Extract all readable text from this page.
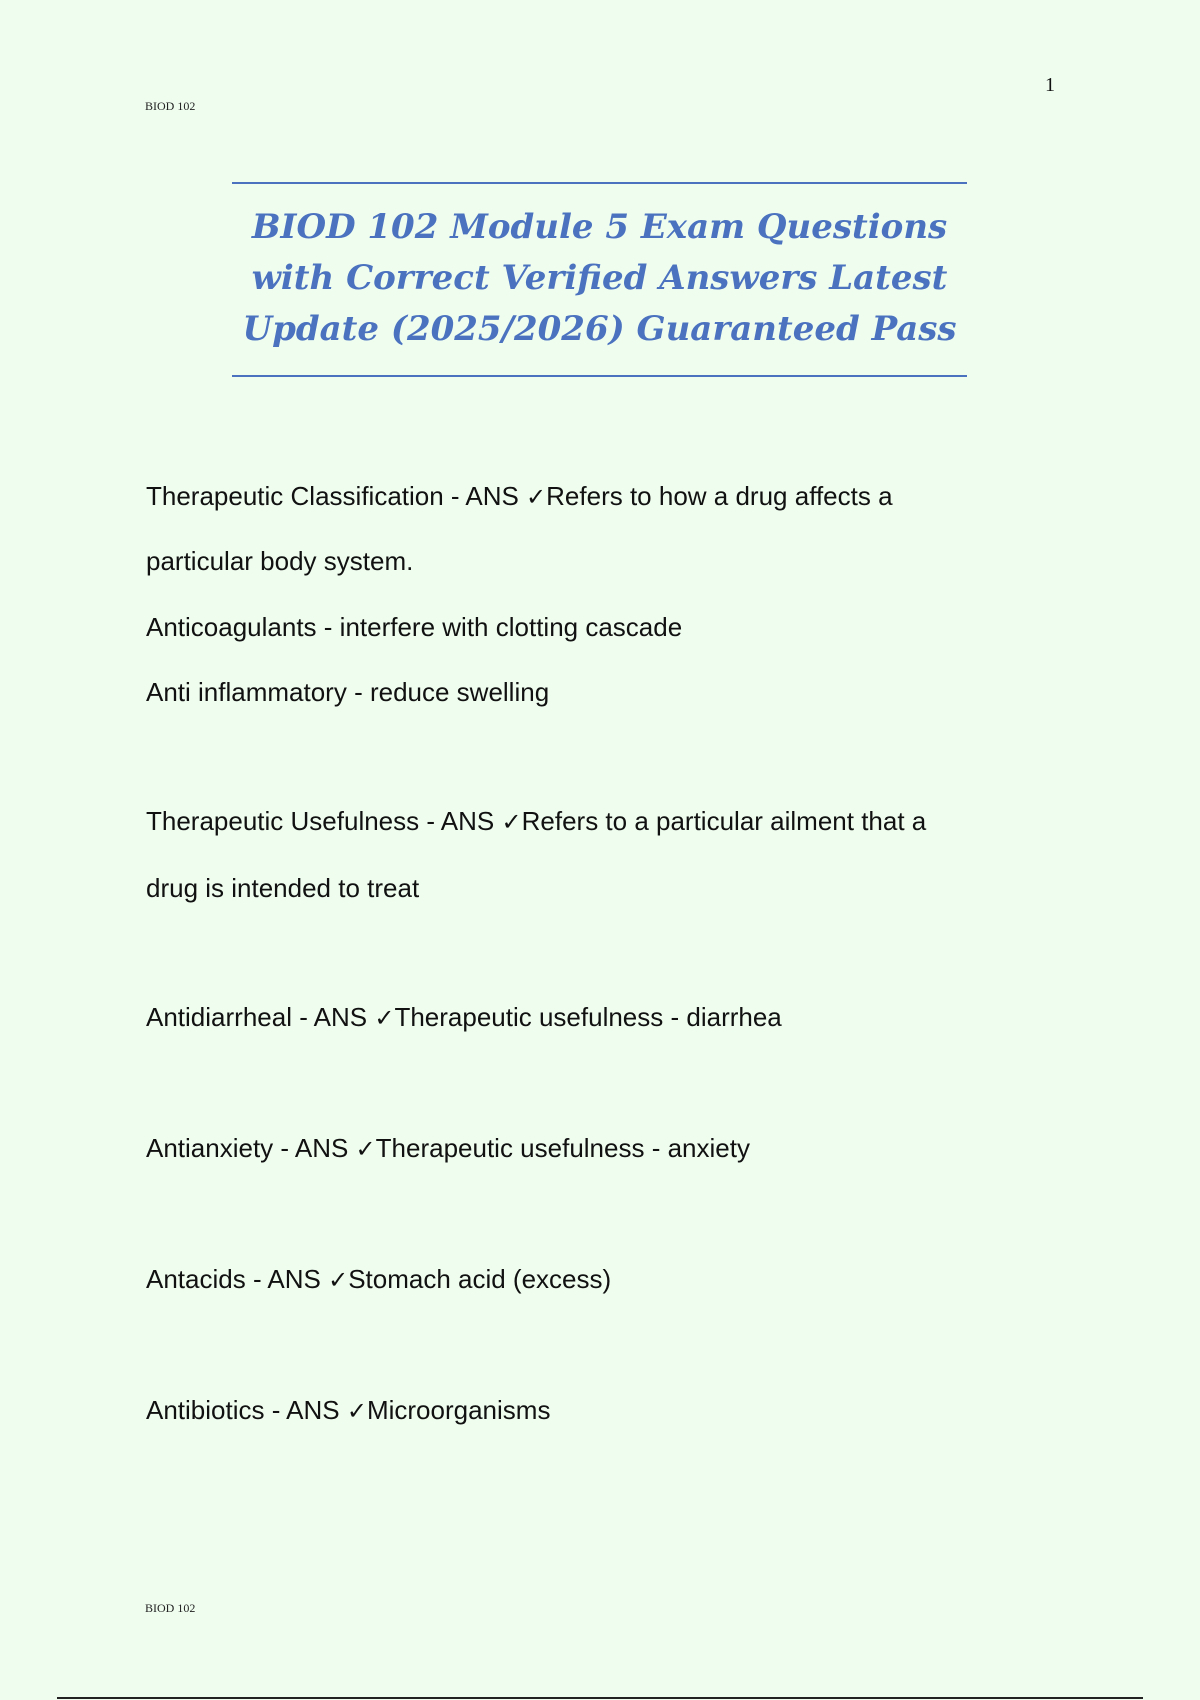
1
BIOD 102
BIOD 102 Module 5 Exam Questions
with Correct Verified Answers Latest
Update (2025/2026) Guaranteed Pass
Therapeutic Classification - ANS ✓Refers to how a drug affects a
particular body system.
Anticoagulants - interfere with clotting cascade
Anti inflammatory - reduce swelling
Therapeutic Usefulness - ANS ✓Refers to a particular ailment that a
drug is intended to treat
Antidiarrheal - ANS ✓Therapeutic usefulness - diarrhea
Antianxiety - ANS ✓Therapeutic usefulness - anxiety
Antacids - ANS ✓Stomach acid (excess)
Antibiotics - ANS ✓Microorganisms
BIOD 102
